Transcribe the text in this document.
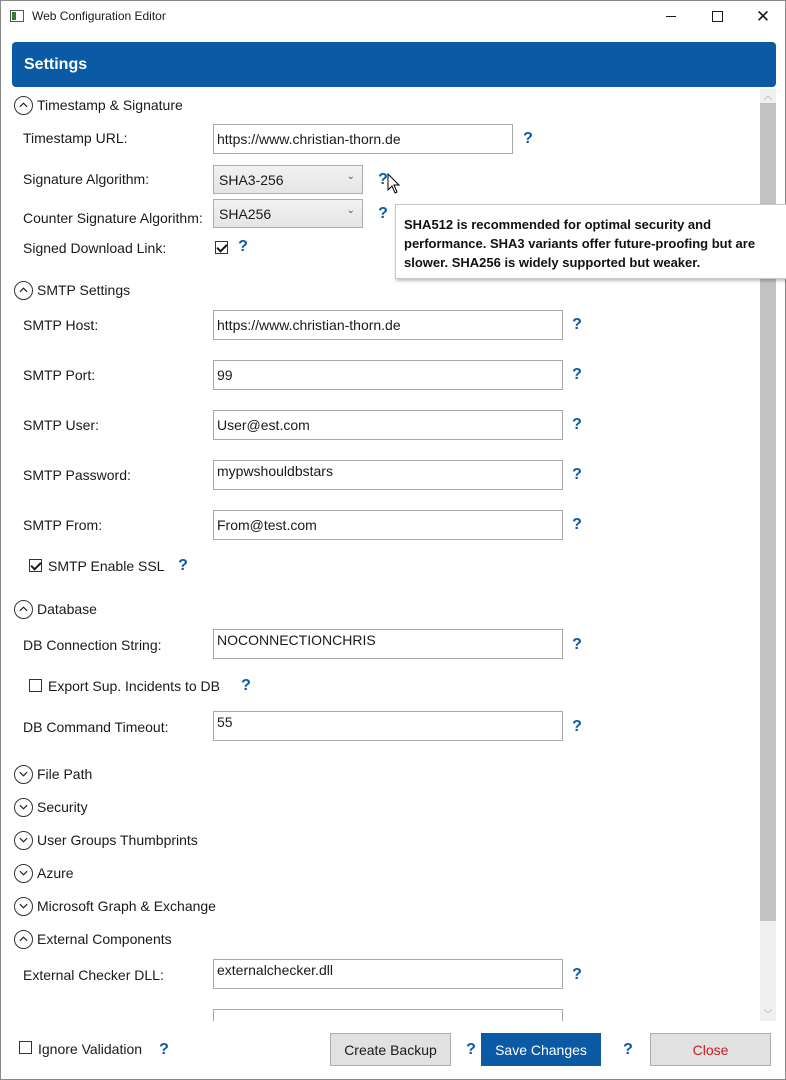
Web Configuration Editor	✕
Settings
︿
﹀
Timestamp & Signature
Timestamp URL:	https://www.christian-thorn.de	?
Signature Algorithm:	SHA3-256	⌄ ?
Counter Signature Algorithm:	SHA256	⌄ ?
Signed Download Link:	?
SMTP Settings
SMTP Host:	https://www.christian-thorn.de	?
SMTP Port:	99	?
SMTP User:	User@est.com	?
SMTP Password:	mypwshouldbstars	?
SMTP From:	From@test.com	?
SMTP Enable SSL ?
Database
DB Connection String:	NOCONNECTIONCHRIS	?
Export Sup. Incidents to DB ?
DB Command Timeout:	55	?
File Path
Security
User Groups Thumbprints
Azure
Microsoft Graph & Exchange
External Components
External Checker DLL:	externalchecker.dll	?
SHA512 is recommended for optimal security and performance. SHA3 variants offer future-proofing but are slower. SHA256 is widely supported but weaker.
Ignore Validation ?	Create Backup	?	Save Changes	?	Close
